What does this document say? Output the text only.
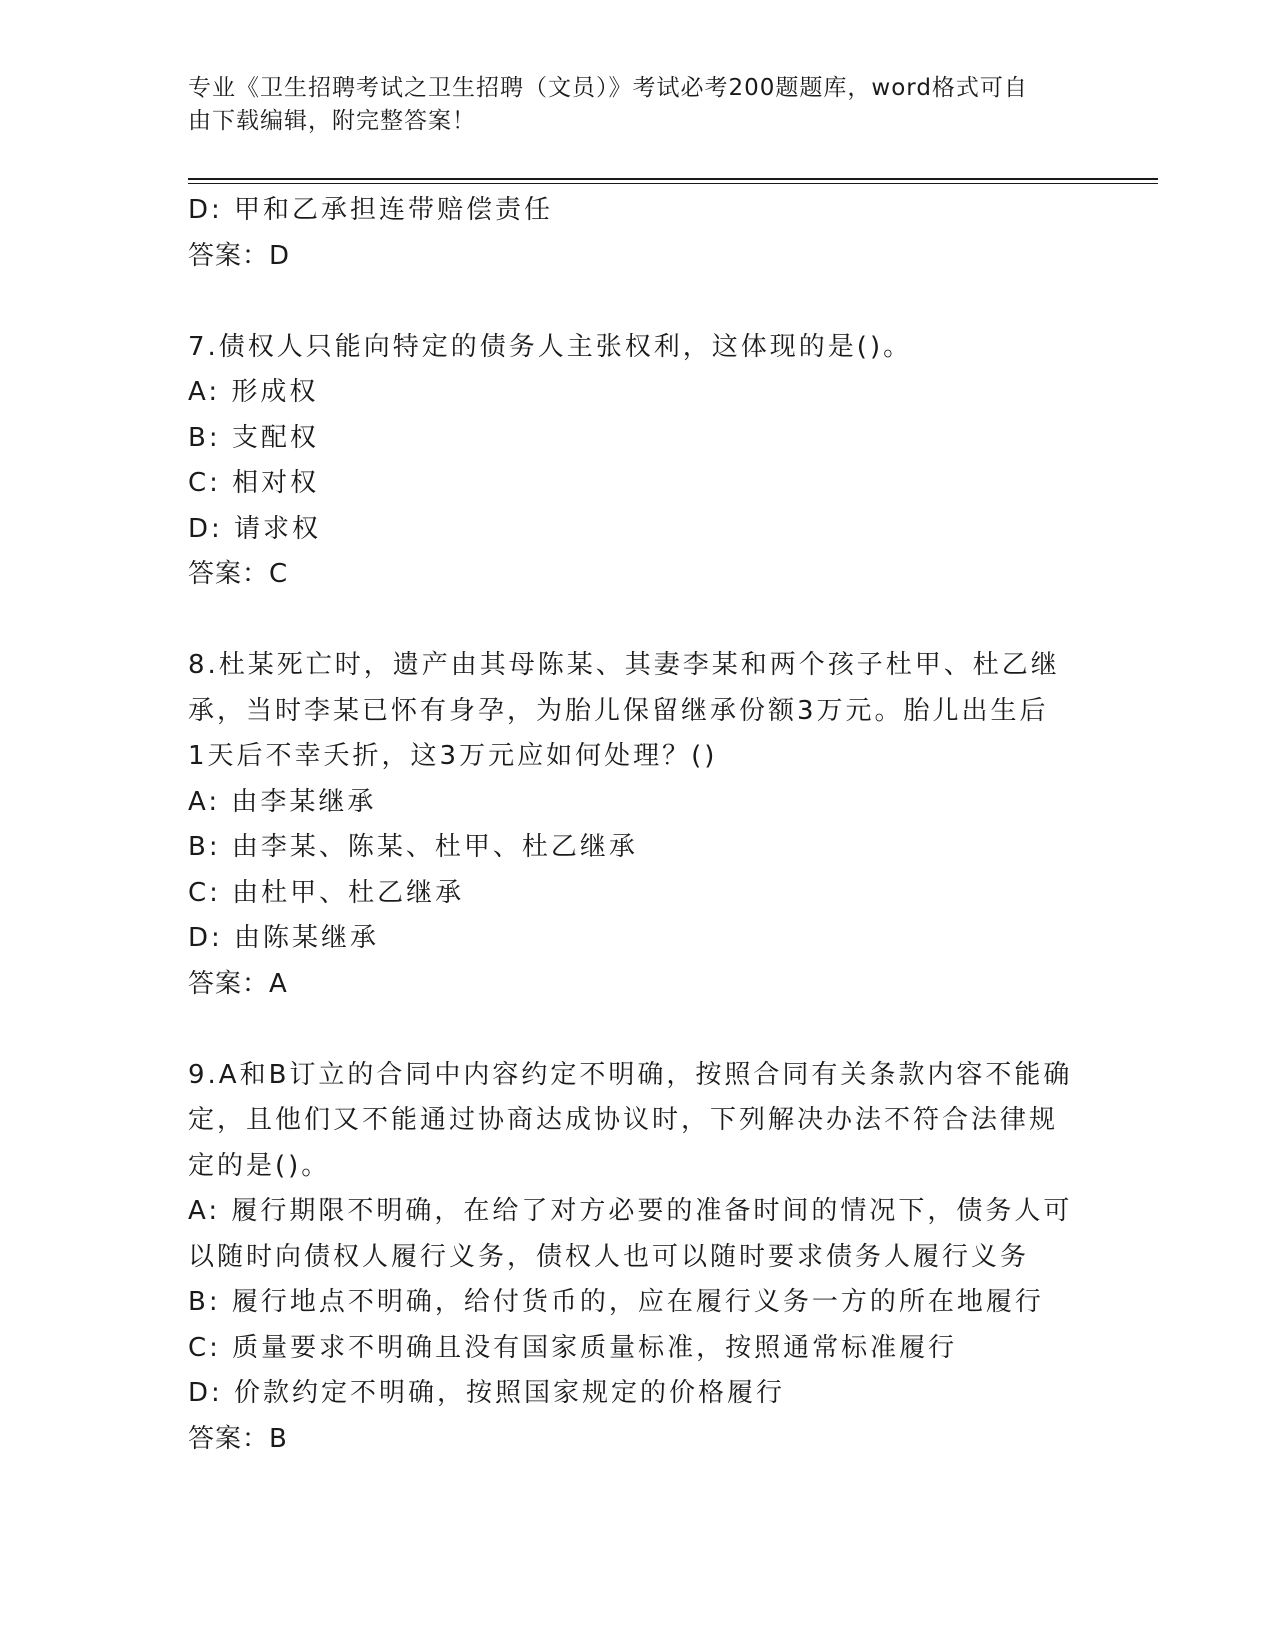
专业《卫生招聘考试之卫生招聘（文员）》考试必考200题题库，word格式可自
由下载编辑，附完整答案！
D: 甲和乙承担连带赔偿责任
答案：D
7.债权人只能向特定的债务人主张权利，这体现的是()。
A: 形成权
B: 支配权
C: 相对权
D: 请求权
答案：C
8.杜某死亡时，遗产由其母陈某、其妻李某和两个孩子杜甲、杜乙继
承，当时李某已怀有身孕，为胎儿保留继承份额3万元。胎儿出生后
1天后不幸夭折，这3万元应如何处理？()
A: 由李某继承
B: 由李某、陈某、杜甲、杜乙继承
C: 由杜甲、杜乙继承
D: 由陈某继承
答案：A
9.A和B订立的合同中内容约定不明确，按照合同有关条款内容不能确
定，且他们又不能通过协商达成协议时，下列解决办法不符合法律规
定的是()。
A: 履行期限不明确，在给了对方必要的准备时间的情况下，债务人可
以随时向债权人履行义务，债权人也可以随时要求债务人履行义务
B: 履行地点不明确，给付货币的，应在履行义务一方的所在地履行
C: 质量要求不明确且没有国家质量标准，按照通常标准履行
D: 价款约定不明确，按照国家规定的价格履行
答案：B
